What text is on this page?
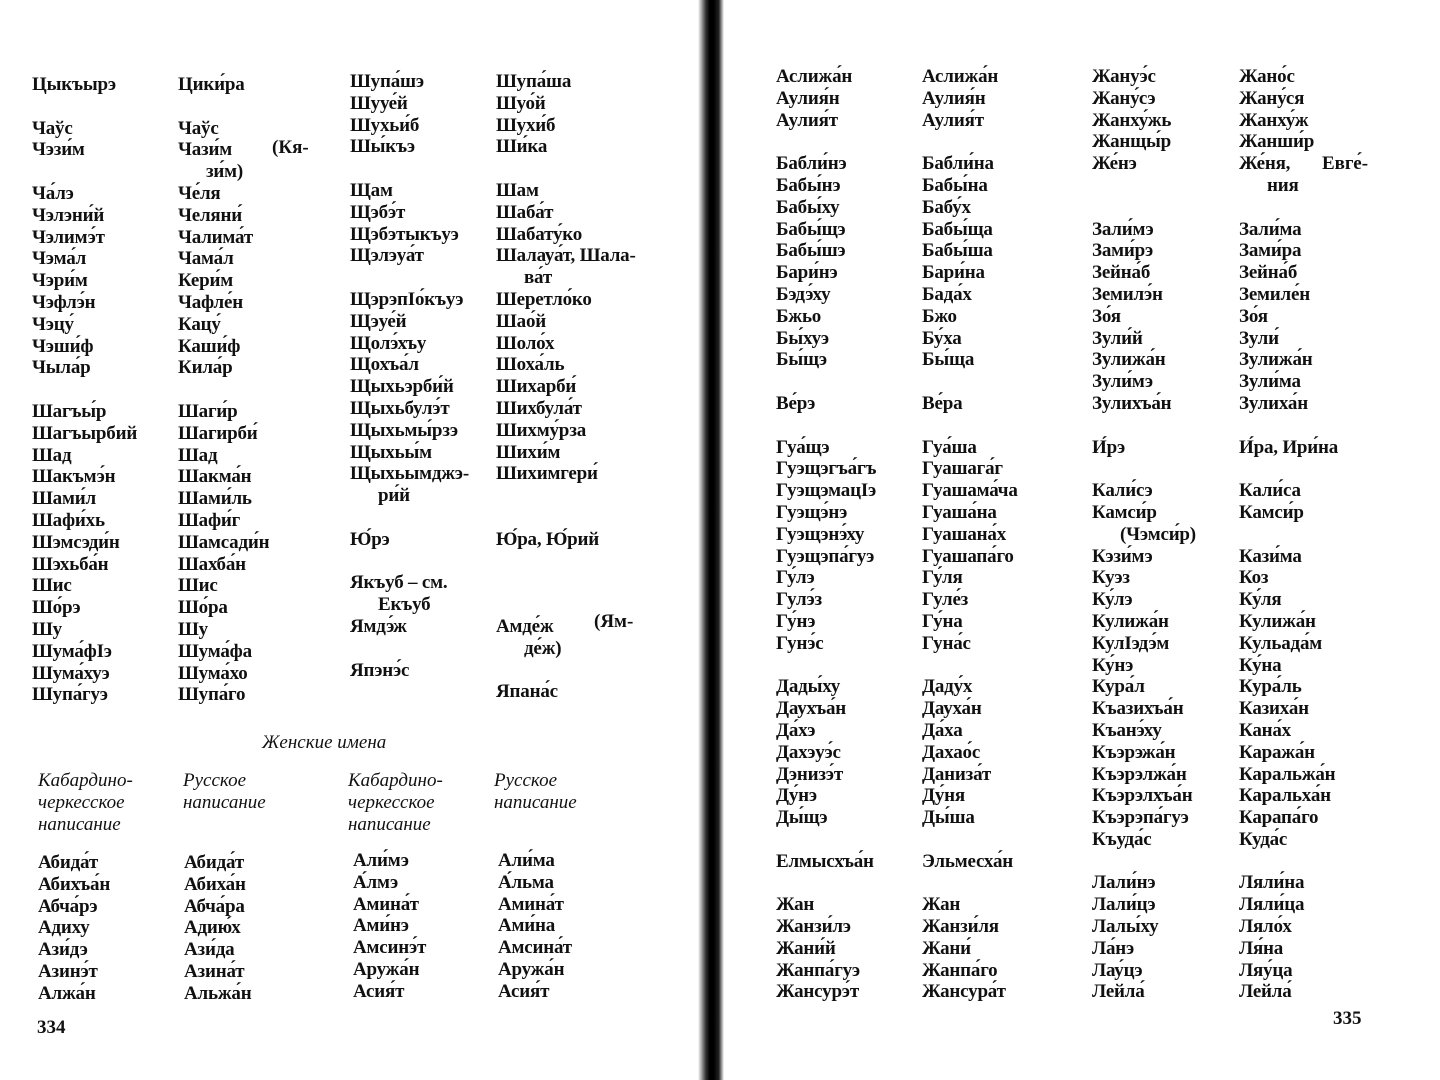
Цыкъырэ
Чаўс
Чэзи́м
Ча́лэ
Чэлэни́й
Чэлимэ́т
Чэма́л
Чэри́м
Чэфлэ́н
Чэцу́
Чэши́ф
Чыла́р
Шагъы́р
Шагъырбий
Шад
Шакъмэ́н
Шами́л
Шафи́хь
Шэмсэди́н
Шэхьба́н
Шис
Шо́рэ
Шу
Шума́фІэ
Шума́хуэ
Шупа́гуэ
Цики́ра
Чаўс
Чази́м
зи́м)
Че́ля
Челяни́
Чалима́т
Чама́л
Кери́м
Чафле́н
Кацу́
Каши́ф
Кила́р
Шаги́р
Шагирби́
Шад
Шакма́н
Шами́ль
Шафи́г
Шамсади́н
Шахба́н
Шис
Шо́ра
Шу
Шума́фа
Шума́хо
Шупа́го
(Кя-
Шупа́шэ
Шууе́й
Шухьи́б
Шы́къэ
Щам
Щэбэ́т
Щэбэтыкъуэ
Щэлэуа́т
ЩэрэпІо́къуэ
Щэуе́й
Щолэ́хъу
Щохъа́л
Щыхьэрби́й
Щыхьбулэ́т
Щыхьмы́рзэ
Щыхьы́м
Щыхьымджэ-
ри́й
Ю́рэ
Якъуб – см.
Екъуб
Ямдэ́ж
Япэнэ́с
Шупа́ша
Шуо́й
Шухи́б
Ши́ка
Шам
Шаба́т
Шабату́ко
Шалауа́т, Шала-
ва́т
Шеретло́ко
Шао́й
Шоло́х
Шоха́ль
Шихарби́
Шихбула́т
Шихму́рза
Шихи́м
Шихимгери́
Ю́ра, Ю́рий
Амде́ж
де́ж)
Япана́с
(Ям-
Женские имена
Кабардино-
черкесское
написание
Русское
написание
Кабардино-
черкесское
написание
Русское
написание
Абида́т
Абихъа́н
Абча́рэ
Адиху
Ази́дэ
Азинэ́т
Алжа́н
Абида́т
Абиха́н
Абча́ра
Адию́х
Ази́да
Азина́т
Альжа́н
Али́мэ
А́лмэ
Амина́т
Ами́нэ
Амсинэ́т
Аружа́н
Асия́т
Али́ма
А́льма
Амина́т
Ами́на
Амсина́т
Аружа́н
Асия́т
334
Аслижа́н
Аулия́н
Аулия́т
Бабли́нэ
Бабы́нэ
Бабы́ху
Бабы́щэ
Бабы́шэ
Бари́нэ
Бэдэ́ху
Бжьо
Бы́хуэ
Бы́щэ
Ве́рэ
Гуа́щэ
Гуэщэгъа́гъ
ГуэщэмацІэ
Гуэщэ́нэ
Гуэщэнэ́ху
Гуэщэпа́гуэ
Гу́лэ
Гулэ́з
Гу́нэ
Гунэ́с
Дады́ху
Даухъа́н
Да́хэ
Дахэуэ́с
Дэнизэ́т
Ду́нэ
Ды́щэ
Елмысхъа́н
Жан
Жанзи́лэ
Жани́й
Жанпа́гуэ
Жансурэ́т
Аслижа́н
Аулия́н
Аулия́т
Бабли́на
Бабы́на
Бабу́х
Бабы́ща
Бабы́ша
Бари́на
Бада́х
Бжо
Бу́ха
Бы́ща
Ве́ра
Гуа́ша
Гуашага́г
Гуашама́ча
Гуаша́на
Гуашана́х
Гуашапа́го
Гу́ля
Гуле́з
Гу́на
Гуна́с
Даду́х
Дауха́н
Да́ха
Дахао́с
Даниза́т
Ду́ня
Ды́ша
Эльмесха́н
Жан
Жанзи́ля
Жани́
Жанпа́го
Жансура́т
Жануэ́с
Жану́сэ
Жанху́жь
Жанщы́р
Же́нэ
Зали́мэ
Зами́рэ
Зейна́б
Земилэ́н
Зо́я
Зули́й
Зулижа́н
Зули́мэ
Зулихъа́н
И́рэ
Кали́сэ
Камси́р
(Чэмси́р)
Кэзи́мэ
Куэз
Ку́лэ
Кулижа́н
КулІэдэ́м
Ку́нэ
Кура́л
Къазихъа́н
Къанэ́ху
Къэрэжа́н
Къэрэлжа́н
Къэрэлхъа́н
Къэрэпа́гуэ
Къуда́с
Лали́нэ
Лали́цэ
Лалы́ху
Ла́нэ
Лау́цэ
Лейла́
Жано́с
Жану́ся
Жанху́ж
Жанши́р
Же́ня,
ния
Зали́ма
Зами́ра
Зейна́б
Земиле́н
Зо́я
Зули́
Зулижа́н
Зули́ма
Зулиха́н
И́ра, Ири́на
Кали́са
Камси́р
Кази́ма
Коз
Ку́ля
Кулижа́н
Кульада́м
Ку́на
Кура́ль
Казиха́н
Кана́х
Каража́н
Каральжа́н
Каральха́н
Карапа́го
Куда́с
Ляли́на
Ляли́ца
Ляло́х
Ля́на
Ляу́ца
Лейла́
Евге́-
335
